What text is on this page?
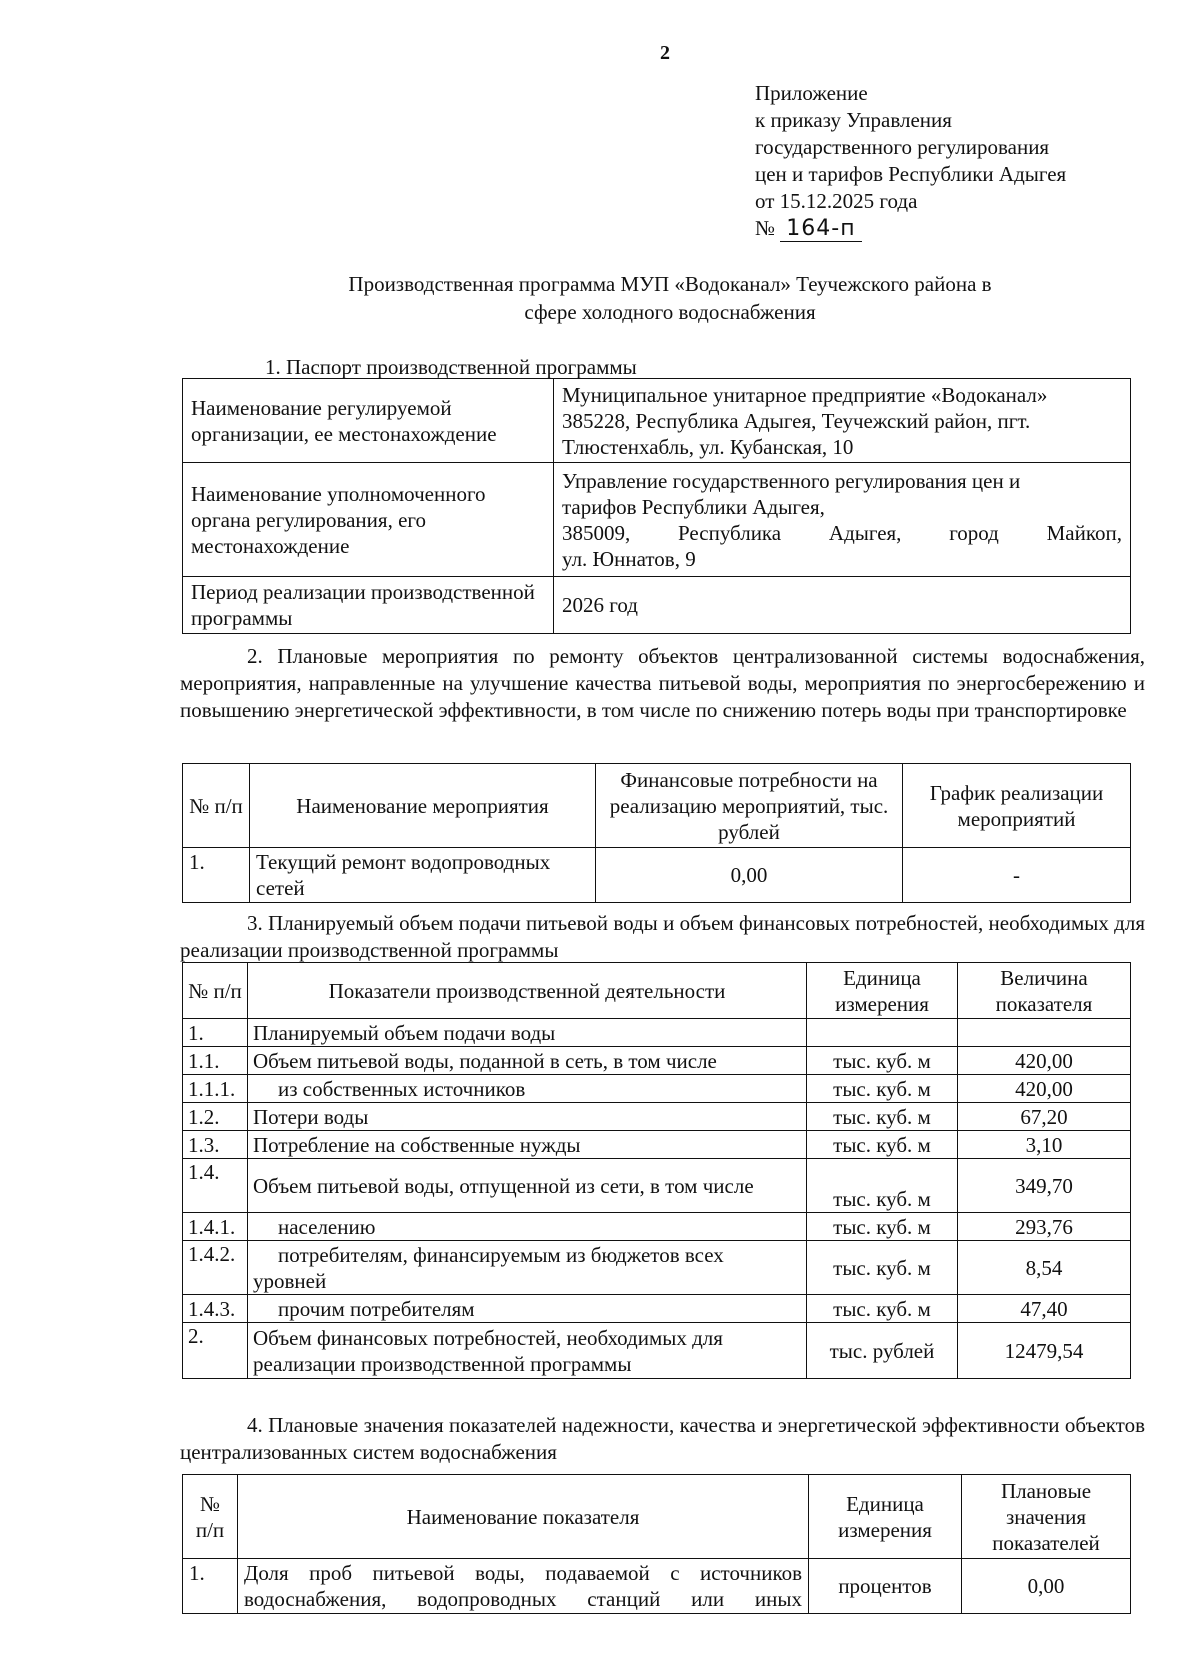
2
Приложение
к приказу Управления
государственного регулирования
цен и тарифов Республики Адыгея
от 15.12.2025 года
№ 164-п
Производственная программа МУП «Водоканал» Теучежского района в
сфере холодного водоснабжения
1. Паспорт производственной программы
Наименование регулируемой организации, ее местонахождение	Муниципальное унитарное предприятие «Водоканал»
385228, Республика Адыгея, Теучежский район, пгт.
Тлюстенхабль, ул. Кубанская, 10

Наименование уполномоченного органа регулирования, его местонахождение	Управление государственного регулирования цен и
тарифов Республики Адыгея,
385009, Республика Адыгея, город Майкоп,
ул. Юннатов, 9

Период реализации производственной программы	2026 год
2. Плановые мероприятия по ремонту объектов централизованной системы водоснабжения, мероприятия, направленные на улучшение качества питьевой воды, мероприятия по энергосбережению и повышению энергетической эффективности, в том числе по снижению потерь воды при транспортировке
№ п/п	Наименование мероприятия	Финансовые потребности на реализацию мероприятий, тыс. рублей	График реализации мероприятий
1.	Текущий ремонт водопроводных сетей	0,00	-
3. Планируемый объем подачи питьевой воды и объем финансовых потребностей, необходимых для реализации производственной программы
№ п/п	Показатели производственной деятельности	Единица измерения	Величина показателя
1.	Планируемый объем подачи воды		
1.1.	Объем питьевой воды, поданной в сеть, в том числе	тыс. куб. м	420,00
1.1.1.	из собственных источников	тыс. куб. м	420,00
1.2.	Потери воды	тыс. куб. м	67,20
1.3.	Потребление на собственные нужды	тыс. куб. м	3,10
1.4.	Объем питьевой воды, отпущенной из сети, в том числе	тыс. куб. м	349,70
1.4.1.	населению	тыс. куб. м	293,76
1.4.2.	потребителям, финансируемым из бюджетов всех уровней	тыс. куб. м	8,54
1.4.3.	прочим потребителям	тыс. куб. м	47,40
2.	Объем финансовых потребностей, необходимых для реализации производственной программы	тыс. рублей	12479,54
4. Плановые значения показателей надежности, качества и энергетической эффективности объектов централизованных систем водоснабжения
№ п/п	Наименование показателя	Единица измерения	Плановые значения показателей
1.	Доля проб питьевой воды, подаваемой с источников
водоснабжения, водопроводных станций или иных	процентов	0,00
